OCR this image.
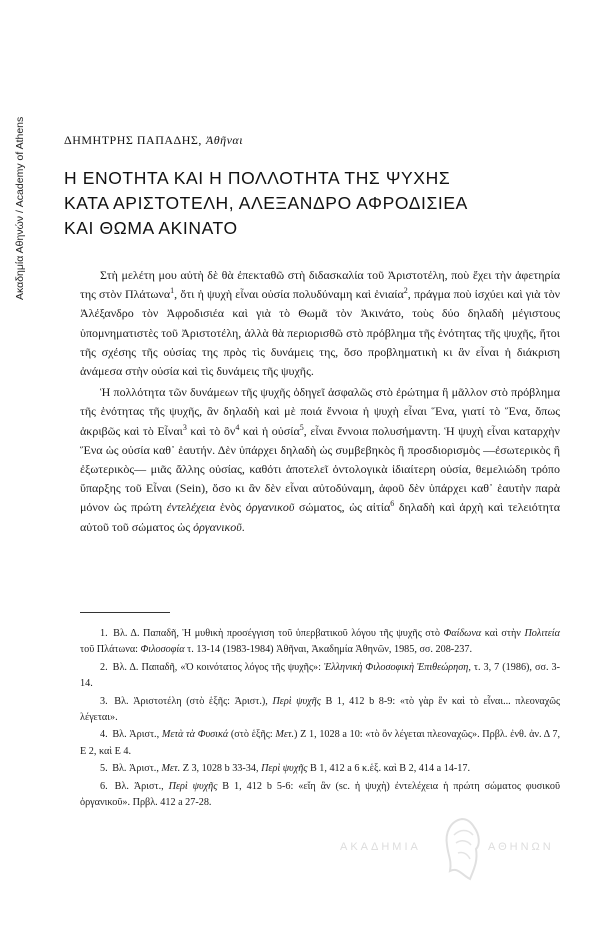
Ακαδημία Αθηνών / Academy of Athens	ΔΗΜΗΤΡΗΣ ΠΑΠΑΔΗΣ, Ἀθῆναι
Η ΕΝΟΤΗΤΑ ΚΑΙ Η ΠΟΛΛΟΤΗΤΑ ΤΗΣ ΨΥΧΗΣ
ΚΑΤΑ ΑΡΙΣΤΟΤΕΛΗ, ΑΛΕΞΑΝΔΡΟ ΑΦΡΟΔΙΣΙΕΑ
ΚΑΙ ΘΩΜΑ ΑΚΙΝΑΤΟ

Στὴ μελέτη μου αὐτὴ δὲ θὰ ἐπεκταθῶ στὴ διδασκαλία τοῦ Ἀριστοτέλη, ποὺ ἔχει τὴν ἀφετηρία της στὸν Πλάτωνα$^1$, ὅτι ἡ ψυχὴ εἶναι οὐσία πολυδύναμη καὶ ἑνιαία$^2$, πράγμα ποὺ ἰσχύει καὶ γιὰ τὸν Ἀλέξανδρο τὸν Ἀφροδισιέα καὶ γιὰ τὸ Θωμᾶ τὸν Ἀκινάτο, τοὺς δύο δηλαδὴ μέγιστους ὑπομνηματιστὲς τοῦ Ἀριστοτέλη, ἀλλὰ θὰ περιορισθῶ στὸ πρόβλημα τῆς ἑνότητας τῆς ψυχῆς, ἤτοι τῆς σχέσης τῆς οὐσίας της πρὸς τὶς δυνάμεις της, ὅσο προβληματικὴ κι ἂν εἶναι ἡ διάκριση ἀνάμεσα στὴν οὐσία καὶ τὶς δυνάμεις τῆς ψυχῆς.

Ἡ πολλότητα τῶν δυνάμεων τῆς ψυχῆς ὁδηγεῖ ἀσφαλῶς στὸ ἐρώτημα ἢ μᾶλλον στὸ πρόβλημα τῆς ἑνότητας τῆς ψυχῆς, ἂν δηλαδὴ καὶ μὲ ποιά ἔννοια ἡ ψυχὴ εἶναι Ἕνα, γιατί τὸ Ἕνα, ὅπως ἀκριβῶς καὶ τὸ Εἶναι$^3$ καὶ τὸ ὂν$^4$ καὶ ἡ οὐσία$^5$, εἶναι ἔννοια πολυσήμαντη. Ἡ ψυχὴ εἶναι καταρχὴν Ἕνα ὡς οὐσία καθ᾽ ἑαυτήν. Δὲν ὑπάρχει δηλαδὴ ὡς συμβεβηκὸς ἢ προσδιορισμὸς —ἐσωτερικὸς ἢ ἐξωτερικὸς— μιᾶς ἄλλης οὐσίας, καθότι ἀποτελεῖ ὀντολογικὰ ἰδιαίτερη οὐσία, θεμελιώδη τρόπο ὕπαρξης τοῦ Εἶναι (Sein), ὅσο κι ἂν δὲν εἶναι αὐτοδύναμη, ἀφοῦ δὲν ὑπάρχει καθ᾽ ἑαυτὴν παρὰ μόνον ὡς πρώτη ἐντελέχεια ἑνὸς ὀργανικοῦ σώματος, ὡς αἰτία$^6$ δηλαδὴ καὶ ἀρχὴ καὶ τελειότητα αὐτοῦ τοῦ σώματος ὡς ὀργανικοῦ.

1. Βλ. Δ. Παπαδῆ, Ἡ μυθικὴ προσέγγιση τοῦ ὑπερβατικοῦ λόγου τῆς ψυχῆς στὸ Φαίδωνα καὶ στὴν Πολιτεία τοῦ Πλάτωνα: Φιλοσοφία τ. 13-14 (1983-1984) Ἀθῆναι, Ἀκαδημία Ἀθηνῶν, 1985, σσ. 208-237.

2. Βλ. Δ. Παπαδῆ, «Ὁ κοινότατος λόγος τῆς ψυχῆς»: Ἑλληνικὴ Φιλοσοφικὴ Ἐπιθεώρηση, τ. 3, 7 (1986), σσ. 3-14.

3. Βλ. Ἀριστοτέλη (στὸ ἑξῆς: Ἀριστ.), Περὶ ψυχῆς Β 1, 412 b 8-9: «τὸ γὰρ ἓν καὶ τὸ εἶναι... πλεοναχῶς λέγεται».

4. Βλ. Ἀριστ., Μετὰ τὰ Φυσικά (στὸ ἑξῆς: Μετ.) Ζ 1, 1028 a 10: «τὸ ὂν λέγεται πλεοναχῶς». Πρβλ. ἐνθ. ἀν. Δ 7, Ε 2, καὶ Ε 4.

5. Βλ. Ἀριστ., Μετ. Ζ 3, 1028 b 33-34, Περὶ ψυχῆς Β 1, 412 a 6 κ.ἑξ. καὶ Β 2, 414 a 14-17.

6. Βλ. Ἀριστ., Περὶ ψυχῆς Β 1, 412 b 5-6: «εἴη ἂν (sc. ἡ ψυχὴ) ἐντελέχεια ἡ πρώτη σώματος φυσικοῦ ὀργανικοῦ». Πρβλ. 412 a 27-28.

ΑΚΑΔΗΜΙΑ	ΑΘΗΝΩΝ
